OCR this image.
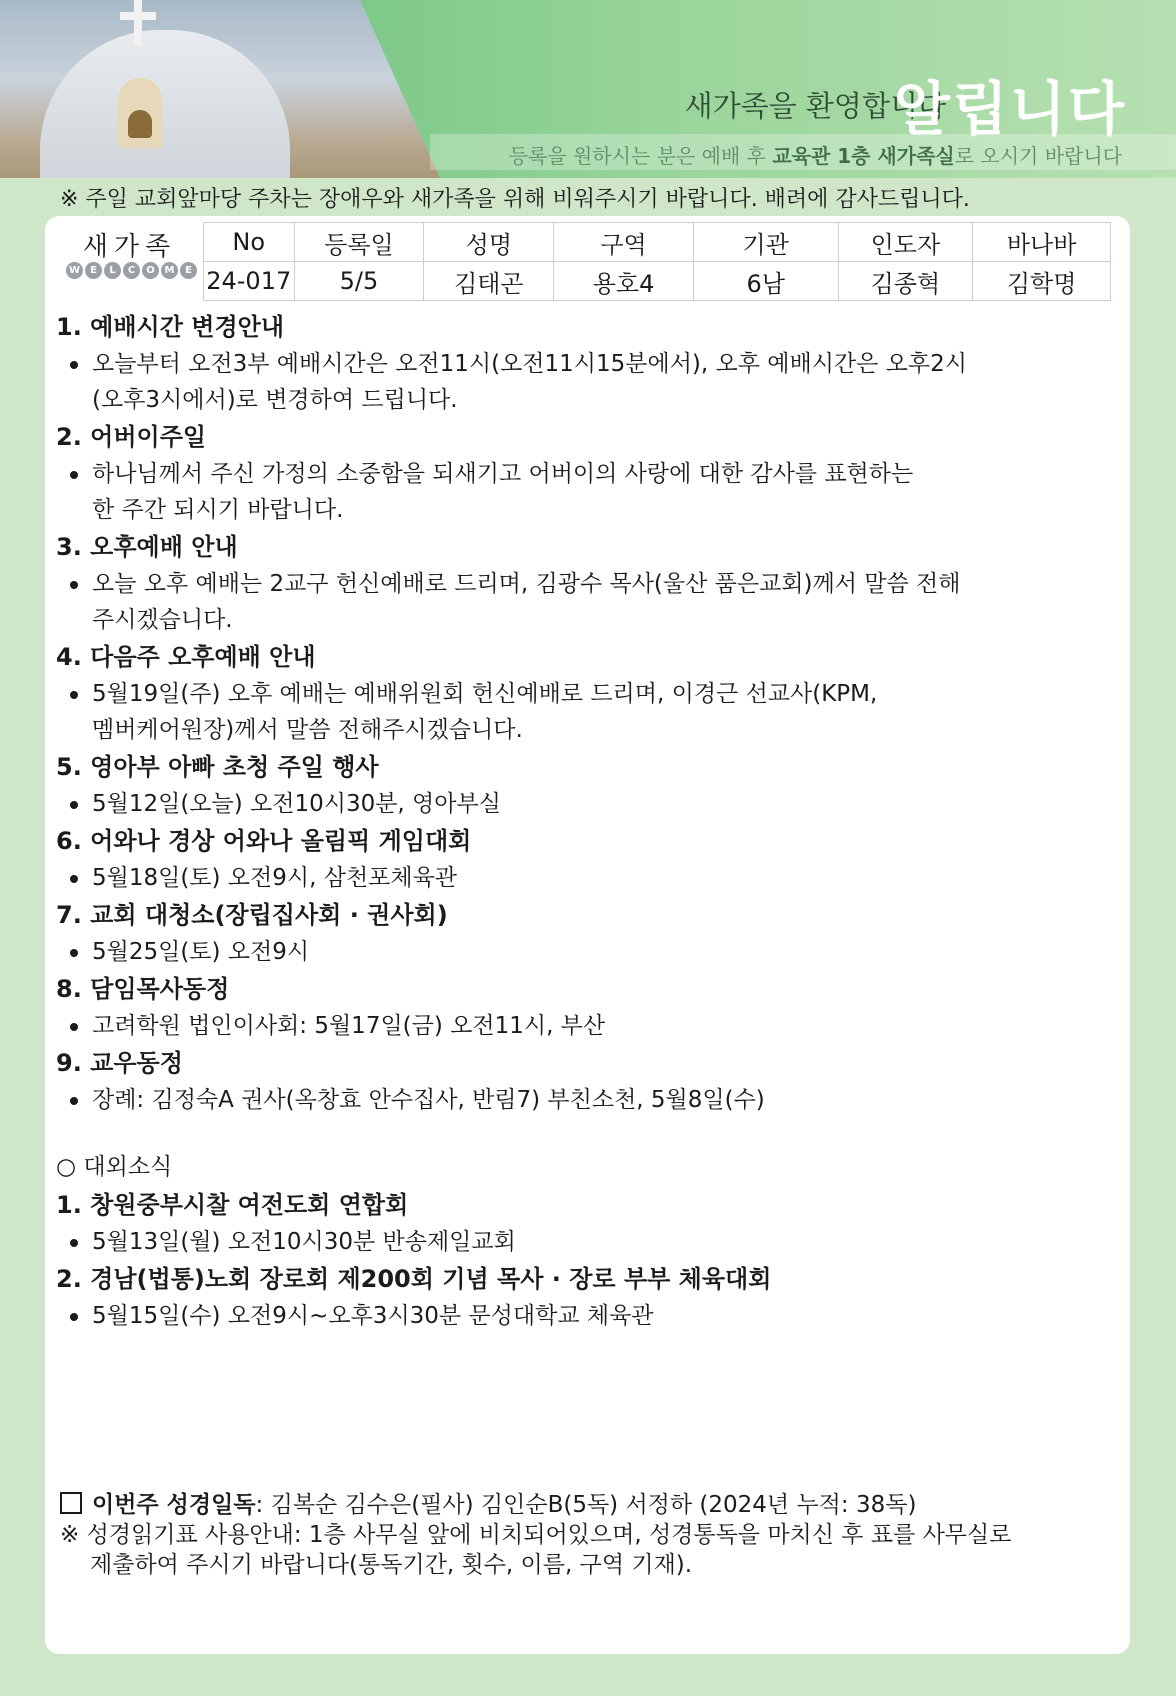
새가족을 환영합니다
알립니다
등록을 원하시는 분은 예배 후 교육관 1층 새가족실로 오시기 바랍니다
※ 주일 교회앞마당 주차는 장애우와 새가족을 위해 비워주시기 바랍니다. 배려에 감사드립니다.
새가족
W	E	L	C	O M	E
No	등록일	성명	구역	기관	인도자	바나바
24-017	5/5	김태곤	용호4	6남	김종혁	김학명
1. 예배시간 변경안내
오늘부터 오전3부 예배시간은 오전11시(오전11시15분에서), 오후 예배시간은 오후2시
(오후3시에서)로 변경하여 드립니다.
2. 어버이주일
하나님께서 주신 가정의 소중함을 되새기고 어버이의 사랑에 대한 감사를 표현하는
한 주간 되시기 바랍니다.
3. 오후예배 안내
오늘 오후 예배는 2교구 헌신예배로 드리며, 김광수 목사(울산 품은교회)께서 말씀 전해
주시겠습니다.
4. 다음주 오후예배 안내
5월19일(주) 오후 예배는 예배위원회 헌신예배로 드리며, 이경근 선교사(KPM,
멤버케어원장)께서 말씀 전해주시겠습니다.
5. 영아부 아빠 초청 주일 행사
5월12일(오늘) 오전10시30분, 영아부실
6. 어와나 경상 어와나 올림픽 게임대회
5월18일(토) 오전9시, 삼천포체육관
7. 교회 대청소(장립집사회 · 권사회)
5월25일(토) 오전9시
8. 담임목사동정
고려학원 법인이사회: 5월17일(금) 오전11시, 부산
9. 교우동정
장례: 김정숙A 권사(옥창효 안수집사, 반림7) 부친소천, 5월8일(수)
○ 대외소식
1. 창원중부시찰 여전도회 연합회
5월13일(월) 오전10시30분 반송제일교회
2. 경남(법통)노회 장로회 제200회 기념 목사 · 장로 부부 체육대회
5월15일(수) 오전9시~오후3시30분 문성대학교 체육관
이번주 성경일독: 김복순 김수은(필사) 김인순B(5독) 서정하 (2024년 누적: 38독)
※ 성경읽기표 사용안내: 1층 사무실 앞에 비치되어있으며, 성경통독을 마치신 후 표를 사무실로
제출하여 주시기 바랍니다(통독기간, 횟수, 이름, 구역 기재).
